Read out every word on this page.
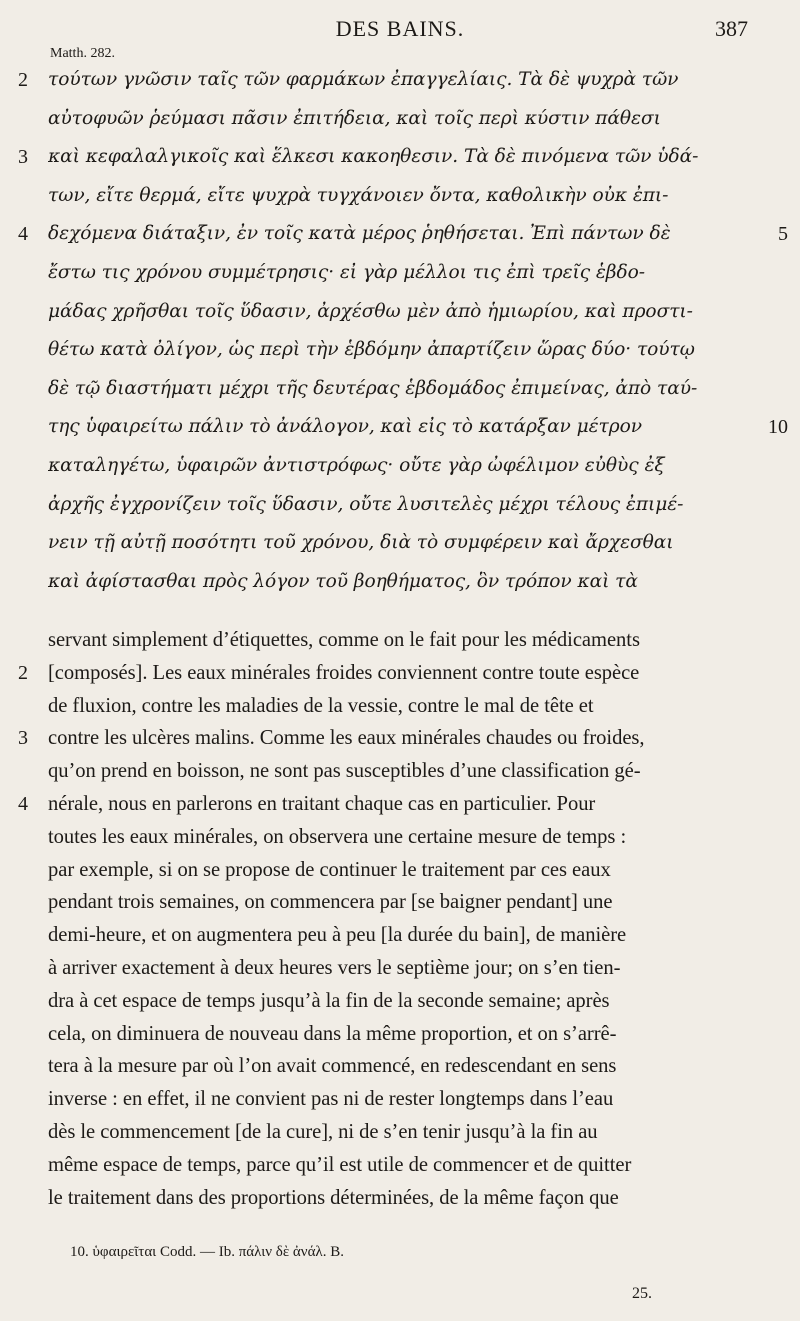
DES BAINS.	387
Matth. 282.
2	τούτων γνῶσιν ταῖς τῶν φαρμάκων ἐπαγγελίαις. Τὰ δὲ ψυχρὰ τῶν
αὐτοφυῶν ῥεύμασι πᾶσιν ἐπιτήδεια, καὶ τοῖς περὶ κύστιν πάθεσι
3	καὶ κεφαλαλγικοῖς καὶ ἕλκεσι κακοηθεσιν. Τὰ δὲ πινόμενα τῶν ὑδά-
των, εἴτε θερμά, εἴτε ψυχρὰ τυγχάνοιεν ὄντα, καθολικὴν οὐκ ἐπι-
4	δεχόμενα διάταξιν, ἐν τοῖς κατὰ μέρος ῥηθήσεται. Ἐπὶ πάντων δὲ	5
ἔστω τις χρόνου συμμέτρησις· εἰ γὰρ μέλλοι τις ἐπὶ τρεῖς ἑβδο-
μάδας χρῆσθαι τοῖς ὕδασιν, ἀρχέσθω μὲν ἀπὸ ἡμιωρίου, καὶ προστι-
θέτω κατὰ ὀλίγον, ὡς περὶ τὴν ἑβδόμην ἀπαρτίζειν ὥρας δύο· τούτῳ
δὲ τῷ διαστήματι μέχρι τῆς δευτέρας ἑβδομάδος ἐπιμείνας, ἀπὸ ταύ-
της ὑφαιρείτω πάλιν τὸ ἀνάλογον, καὶ εἰς τὸ κατάρξαν μέτρον	10
καταληγέτω, ὑφαιρῶν ἀντιστρόφως· οὔτε γὰρ ὠφέλιμον εὐθὺς ἐξ
ἀρχῆς ἐγχρονίζειν τοῖς ὕδασιν, οὔτε λυσιτελὲς μέχρι τέλους ἐπιμέ-
νειν τῇ αὐτῇ ποσότητι τοῦ χρόνου, διὰ τὸ συμφέρειν καὶ ἄρχεσθαι
καὶ ἀφίστασθαι πρὸς λόγον τοῦ βοηθήματος, ὃν τρόπον καὶ τὰ
servant simplement d’étiquettes, comme on le fait pour les médicaments
2 [composés]. Les eaux minérales froides conviennent contre toute espèce
de fluxion, contre les maladies de la vessie, contre le mal de tête et
3 contre les ulcères malins. Comme les eaux minérales chaudes ou froides,
qu’on prend en boisson, ne sont pas susceptibles d’une classification gé-
4 nérale, nous en parlerons en traitant chaque cas en particulier. Pour
toutes les eaux minérales, on observera une certaine mesure de temps :
par exemple, si on se propose de continuer le traitement par ces eaux
pendant trois semaines, on commencera par [se baigner pendant] une
demi-heure, et on augmentera peu à peu [la durée du bain], de manière
à arriver exactement à deux heures vers le septième jour; on s’en tien-
dra à cet espace de temps jusqu’à la fin de la seconde semaine; après
cela, on diminuera de nouveau dans la même proportion, et on s’arrê-
tera à la mesure par où l’on avait commencé, en redescendant en sens
inverse : en effet, il ne convient pas ni de rester longtemps dans l’eau
dès le commencement [de la cure], ni de s’en tenir jusqu’à la fin au
même espace de temps, parce qu’il est utile de commencer et de quitter
le traitement dans des proportions déterminées, de la même façon que
10. ὑφαιρεῖται Codd. — Ib. πάλιν δὲ ἀνάλ. B.
25.
